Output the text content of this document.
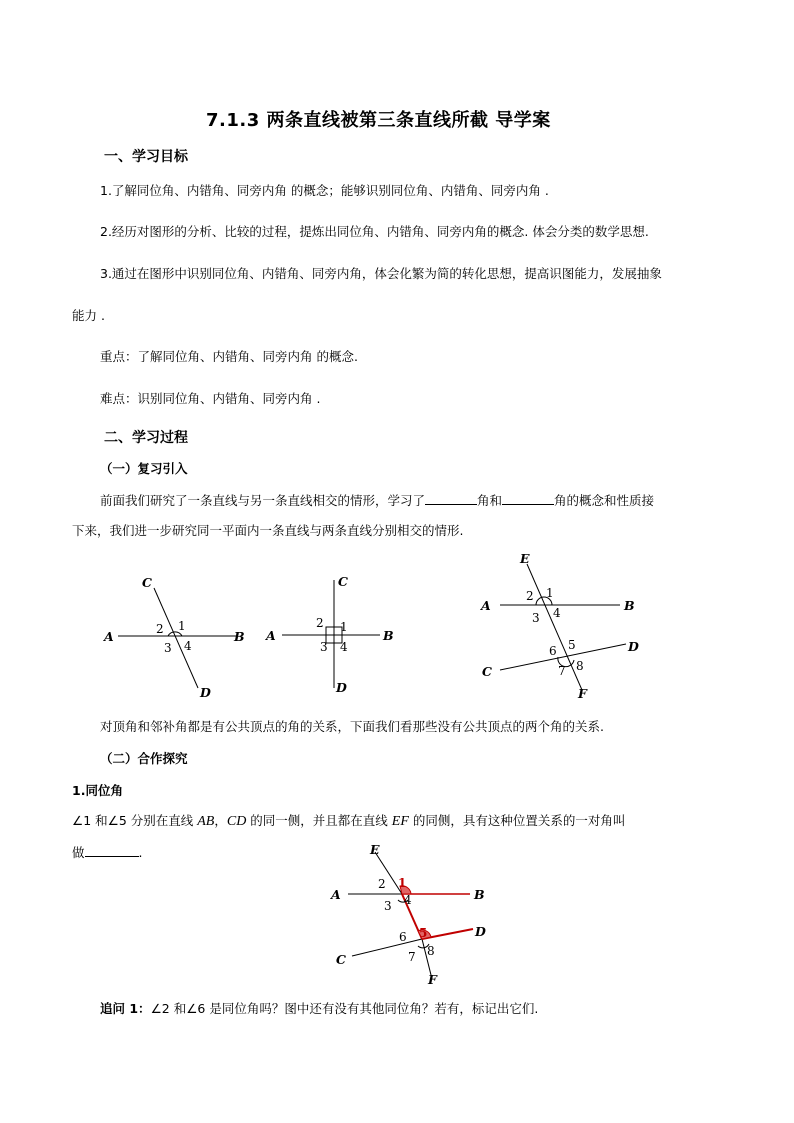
7.1.3 两条直线被第三条直线所截 导学案
一、学习目标
1.了解同位角、内错角、同旁内角 的概念；能够识别同位角、内错角、同旁内角 .
2.经历对图形的分析、比较的过程，提炼出同位角、内错角、同旁内角的概念. 体会分类的数学思想.
3.通过在图形中识别同位角、内错角、同旁内角，体会化繁为简的转化思想，提高识图能力，发展抽象
能力 .
重点：了解同位角、内错角、同旁内角 的概念.
难点：识别同位角、内错角、同旁内角 .
二、学习过程
（一）复习引入
前面我们研究了一条直线与另一条直线相交的情形，学习了	角和	角的概念和性质接
下来，我们进一步研究同一平面内一条直线与两条直线分别相交的情形.
A	B
C
D
1
2
3 4
A	B
C
D
1
2
3 4
E
A	B
C
D
F
1
2
3 4
5
6
7 8
对顶角和邻补角都是有公共顶点的角的关系，下面我们看那些没有公共顶点的两个角的关系.
（二）合作探究
1.同位角
∠1 和∠5 分别在直线 AB，CD 的同一侧，并且都在直线 EF 的同侧，具有这种位置关系的一对角叫
做	.	E
A	B
C
D
F
1
2
3 4
5
6
7 8
追问 1：∠2 和∠6 是同位角吗？图中还有没有其他同位角？若有，标记出它们.
